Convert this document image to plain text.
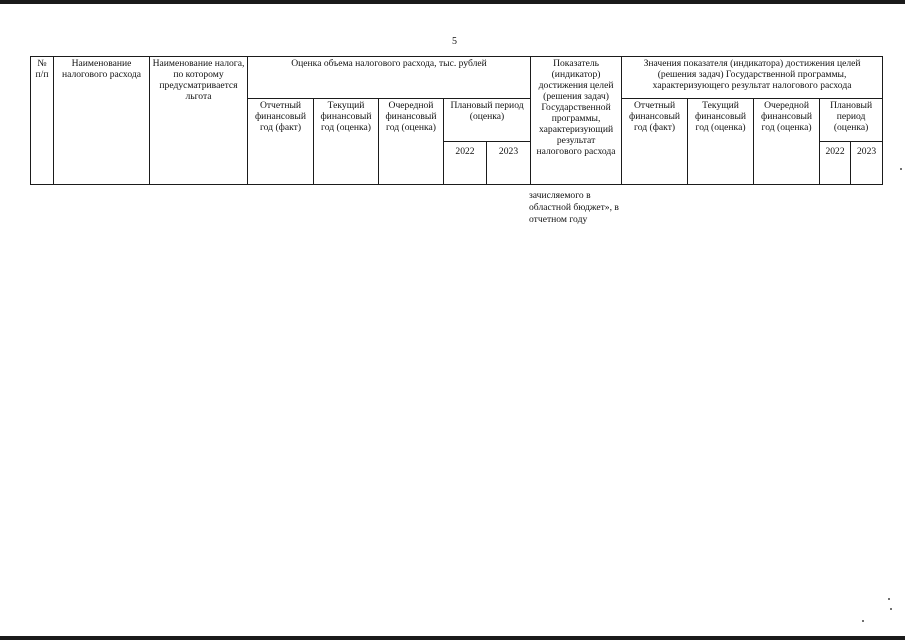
5
№ п/п	Наименование налогового расхода	Наименование налога, по которому предусматривается льгота	Оценка объема налогового расхода, тыс. рублей					Показатель (индикатор) достижения целей (решения задач) Государственной программы, характеризующий результат налогового расхода	Значения показателя (индикатора) достижения целей (решения задач) Государственной программы, характеризующего результат налогового расхода				
			Отчетный финансовый год (факт)	Текущий финансовый год (оценка)	Очередной финансовый год (оценка)	Плановый период (оценка)			Отчетный финансовый год (факт)	Текущий финансовый год (оценка)	Очередной финансовый год (оценка)	Плановый период (оценка)	
						2022	2023					2022	2023
зачисляемого в областной бюджет», в отчетном году
